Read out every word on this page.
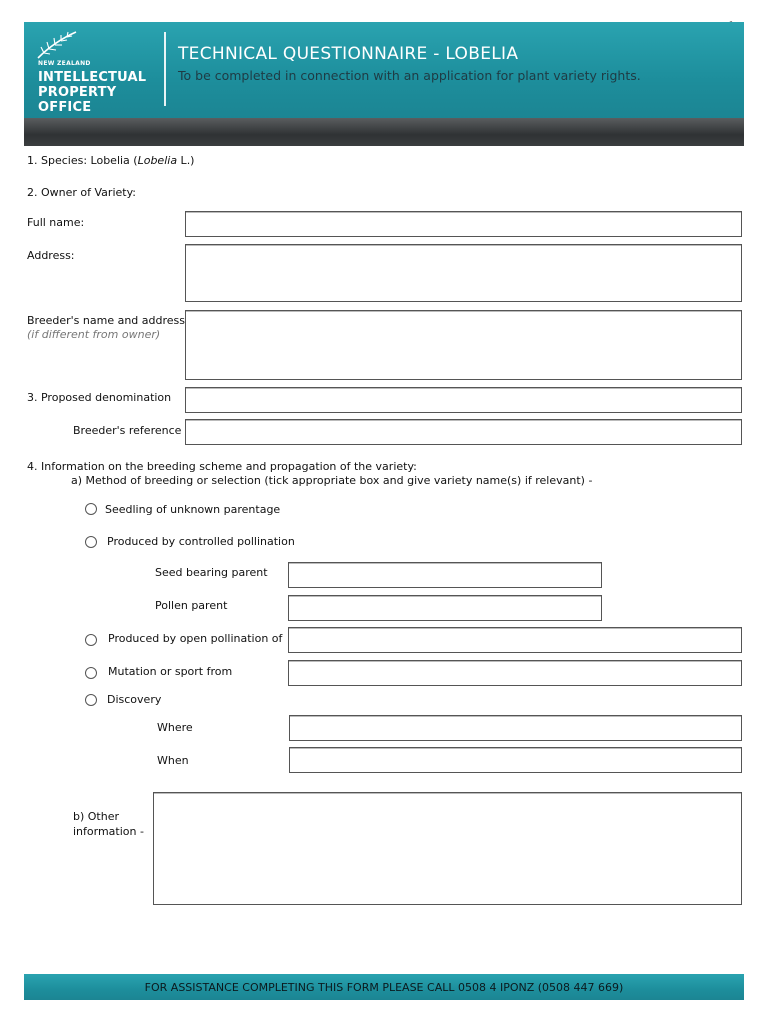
NEW ZEALAND
INTELLECTUAL
PROPERTY
OFFICE
TECHNICAL QUESTIONNAIRE - LOBELIA
To be completed in connection with an application for plant variety rights.
1. Species: Lobelia (Lobelia L.)
2. Owner of Variety:
Full name:
Address:
Breeder's name and address
(if different from owner)
3. Proposed denomination
Breeder's reference
4. Information on the breeding scheme and propagation of the variety:
a) Method of breeding or selection (tick appropriate box and give variety name(s) if relevant) -
Seedling of unknown parentage
Produced by controlled pollination
Seed bearing parent
Pollen parent
Produced by open pollination of
Mutation or sport from
Discovery
Where
When
b) Other
information -
FOR ASSISTANCE COMPLETING THIS FORM PLEASE CALL 0508 4 IPONZ (0508 447 669)
